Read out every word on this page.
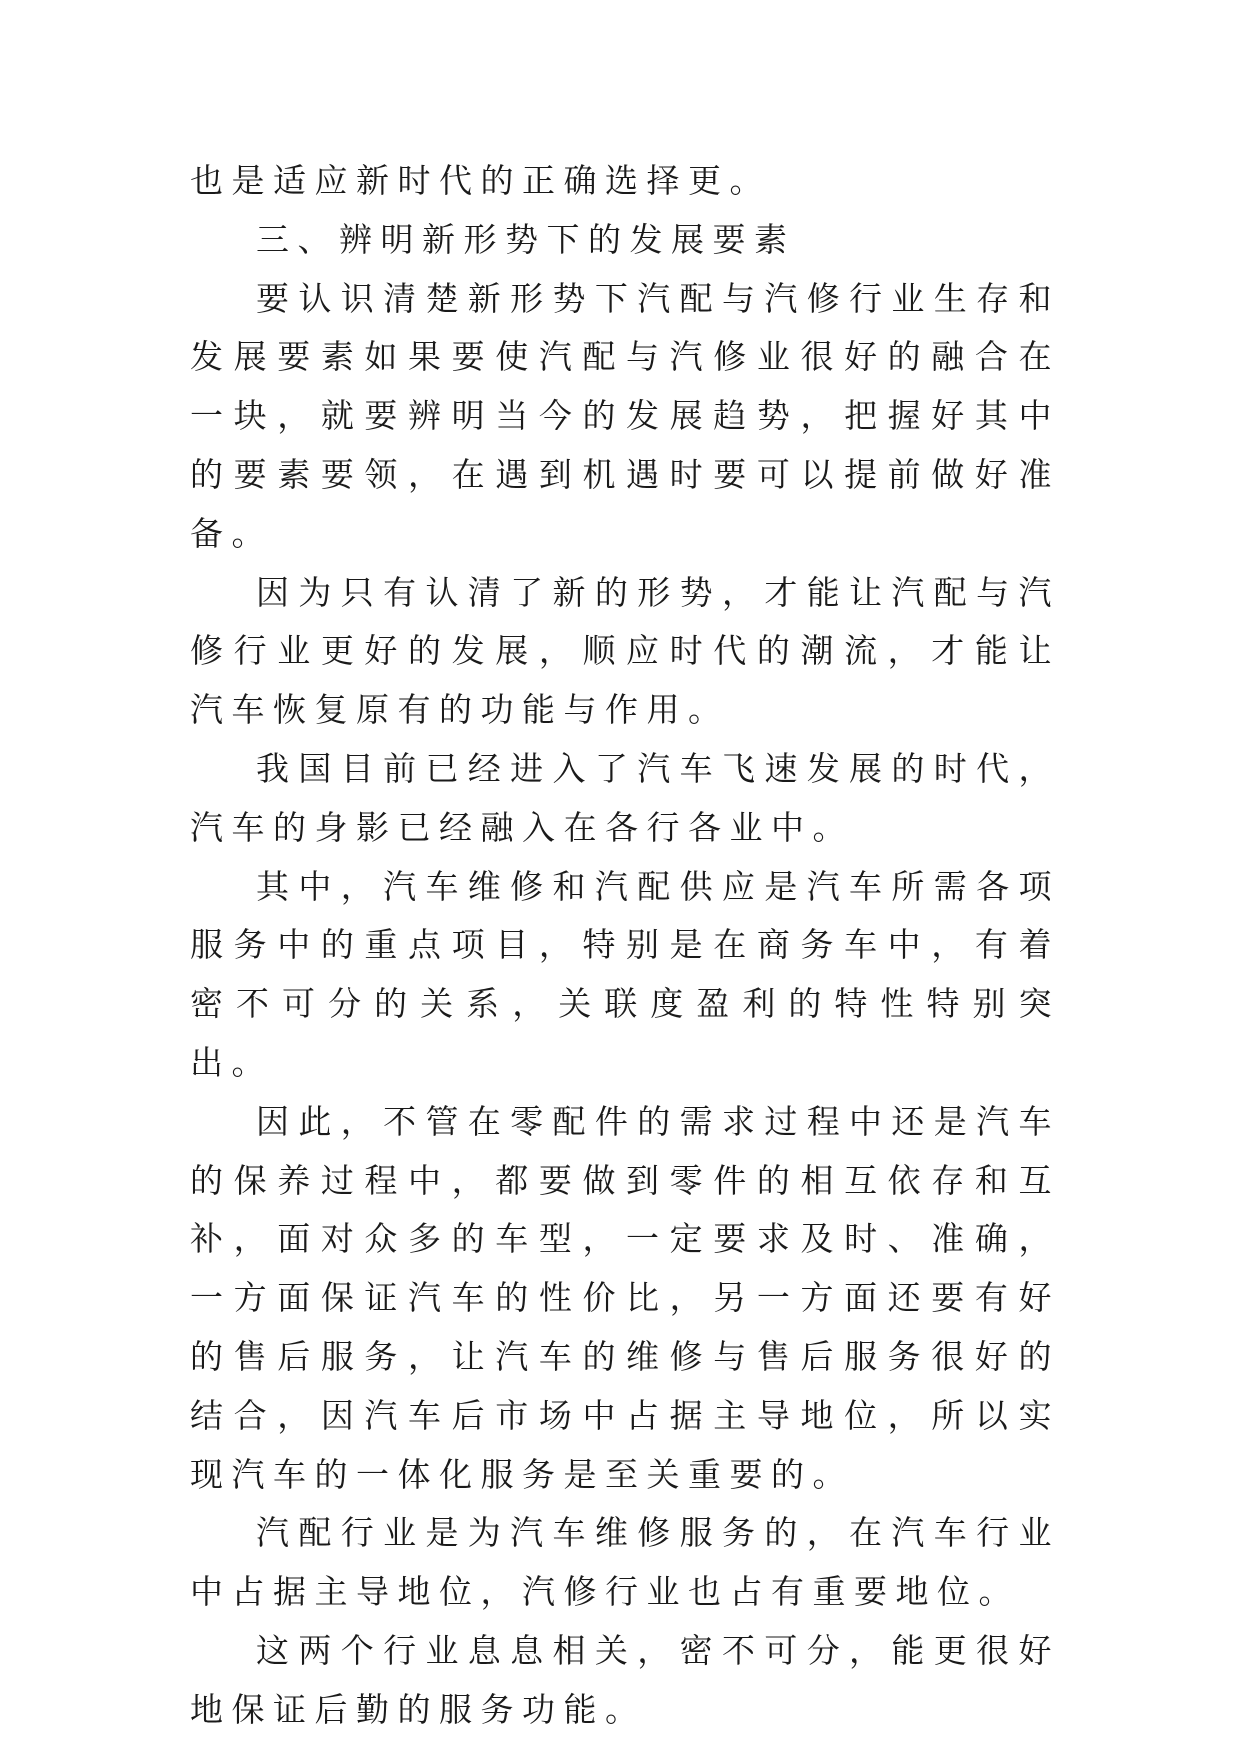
也是适应新时代的正确选择更。

三、辨明新形势下的发展要素

要认识清楚新形势下汽配与汽修行业生存和发展要素如果要使汽配与汽修业很好的融合在一块，就要辨明当今的发展趋势，把握好其中的要素要领，在遇到机遇时要可以提前做好准备。

因为只有认清了新的形势，才能让汽配与汽修行业更好的发展，顺应时代的潮流，才能让汽车恢复原有的功能与作用。

我国目前已经进入了汽车飞速发展的时代，汽车的身影已经融入在各行各业中。

其中，汽车维修和汽配供应是汽车所需各项服务中的重点项目，特别是在商务车中，有着密不可分的关系，关联度盈利的特性特别突出。

因此，不管在零配件的需求过程中还是汽车的保养过程中，都要做到零件的相互依存和互补，面对众多的车型，一定要求及时、准确，一方面保证汽车的性价比，另一方面还要有好的售后服务，让汽车的维修与售后服务很好的结合，因汽车后市场中占据主导地位，所以实现汽车的一体化服务是至关重要的。

汽配行业是为汽车维修服务的，在汽车行业中占据主导地位，汽修行业也占有重要地位。

这两个行业息息相关，密不可分，能更很好地保证后勤的服务功能。
